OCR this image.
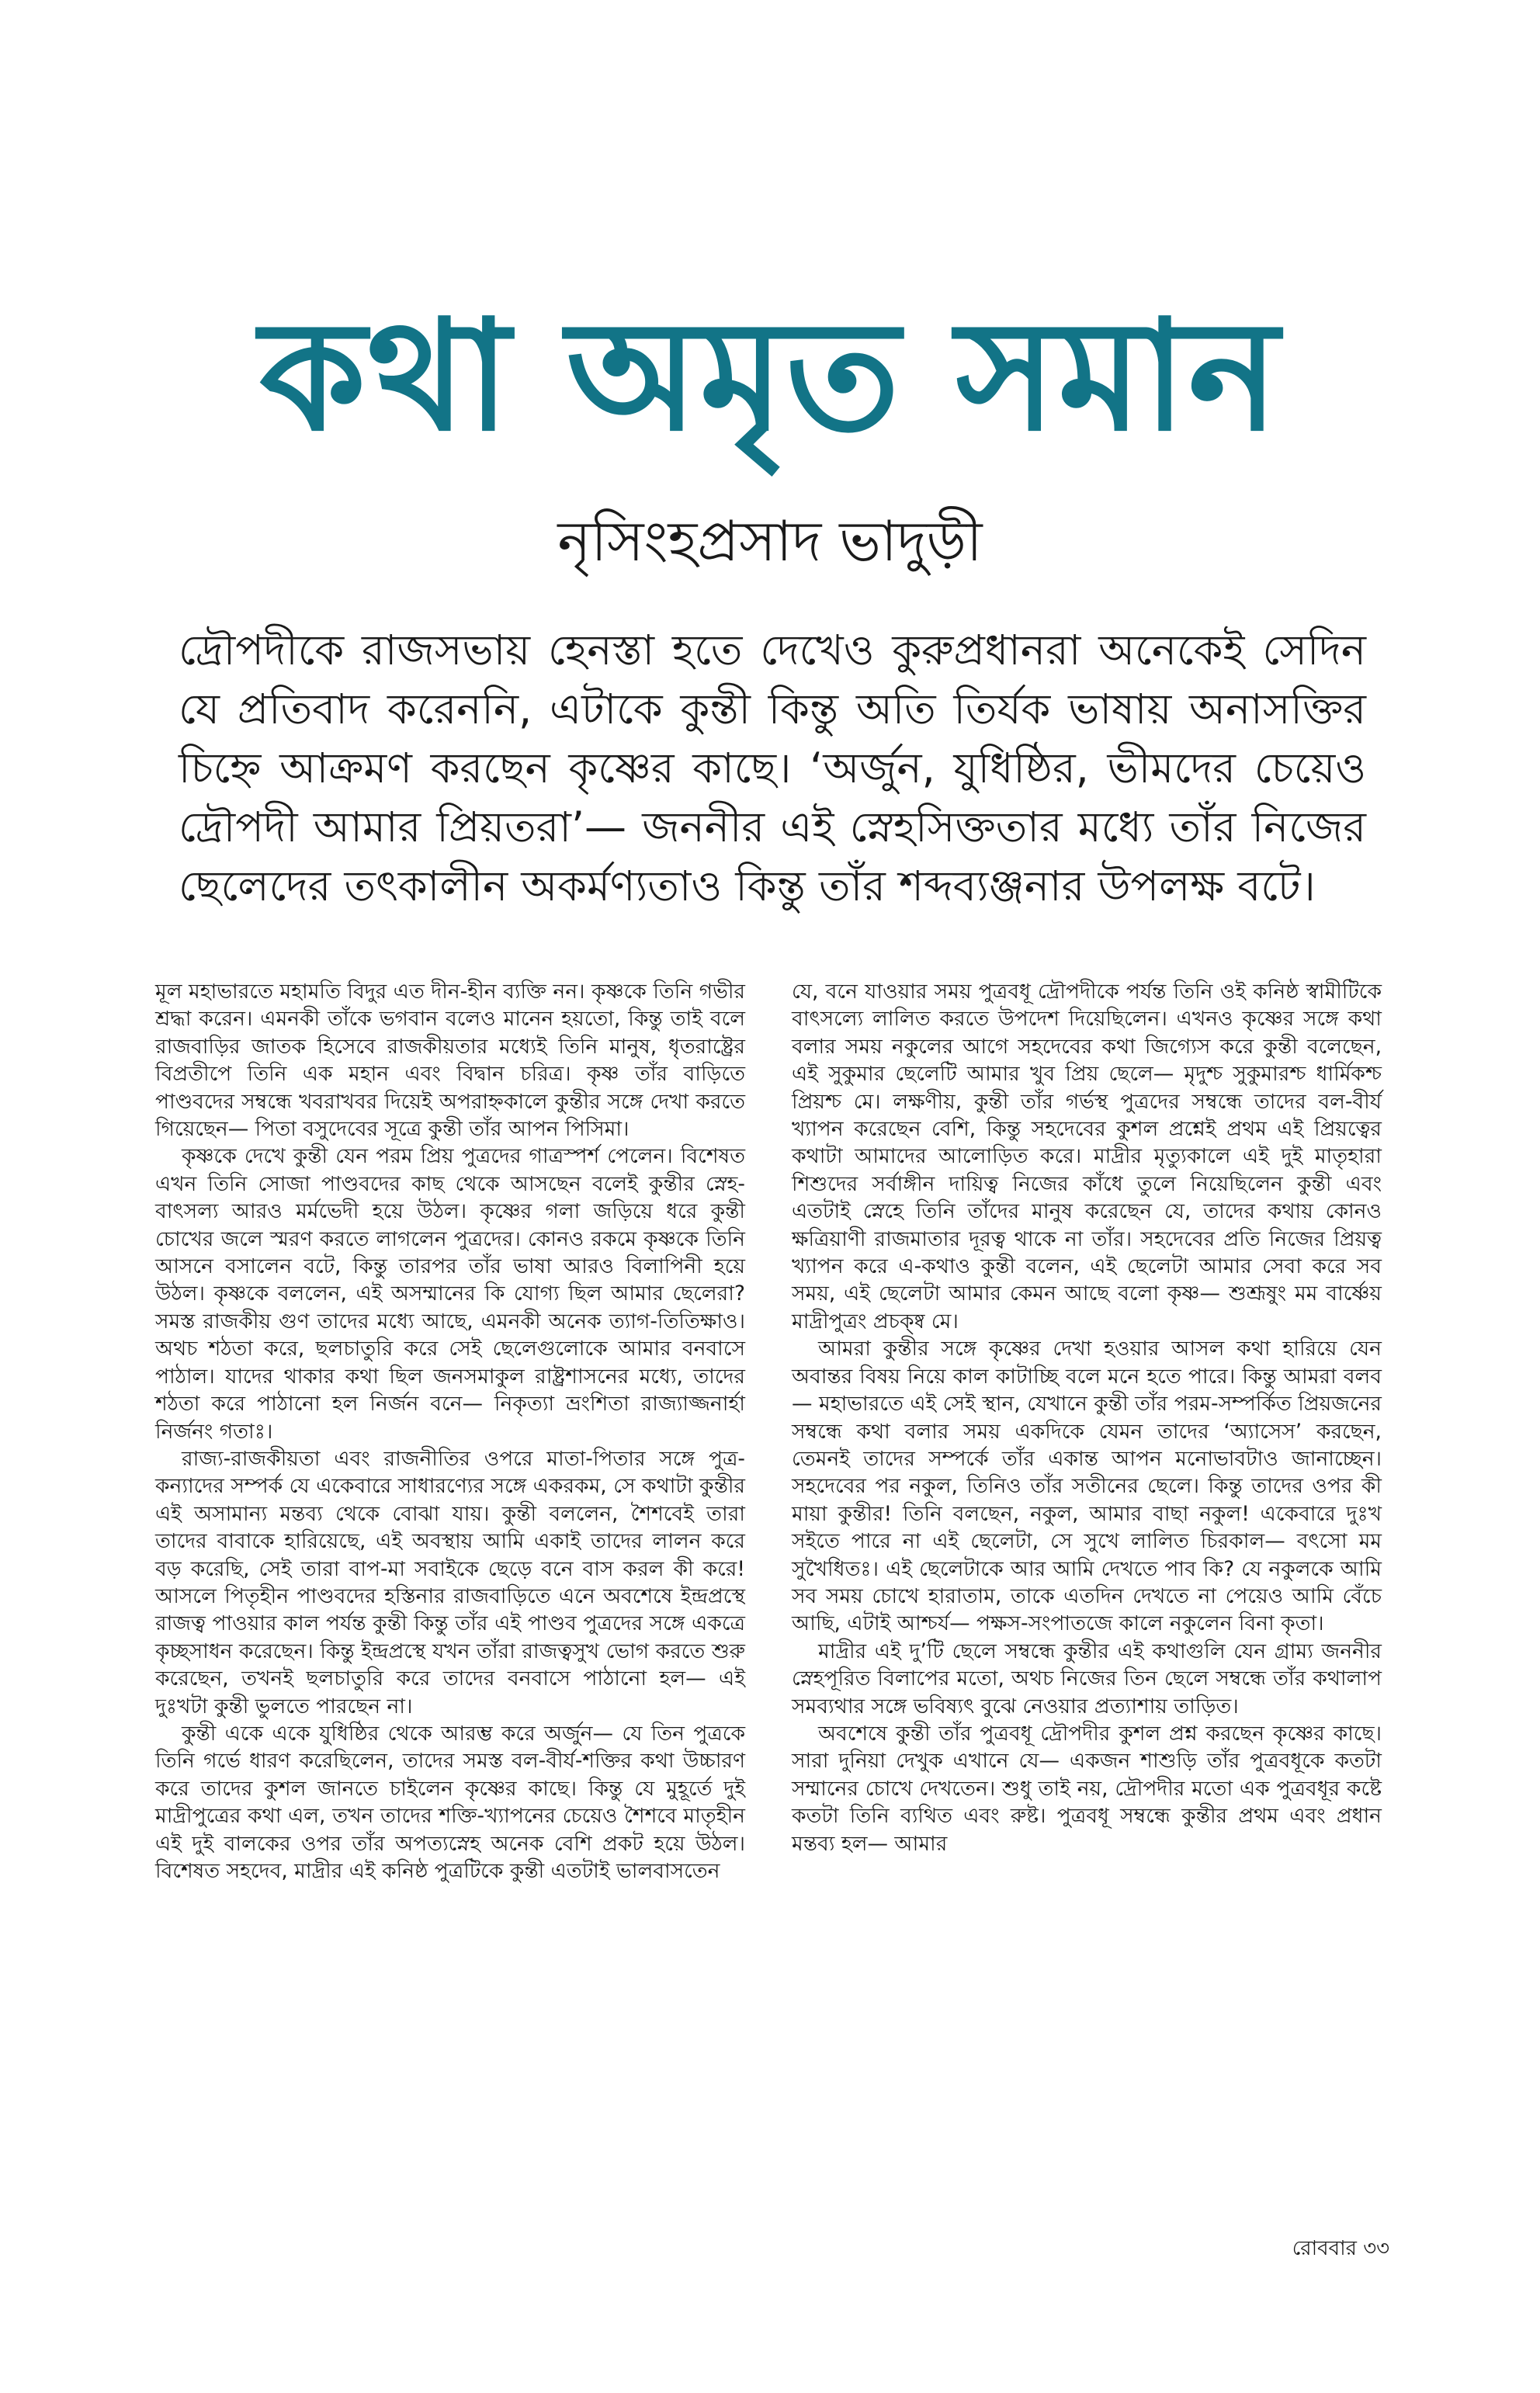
কথা অমৃত সমান
নৃসিংহপ্রসাদ ভাদুড়ী

দ্রৌপদীকে রাজসভায় হেনস্তা হতে দেখেও কুরুপ্রধানরা অনেকেই সেদিন যে প্রতিবাদ করেননি, এটাকে কুন্তী কিন্তু অতি তির্যক ভাষায় অনাসক্তির চিহ্নে আক্রমণ করছেন কৃষ্ণের কাছে। ‘অর্জুন, যুধিষ্ঠির, ভীমদের চেয়েও দ্রৌপদী আমার প্রিয়তরা’— জননীর এই স্নেহসিক্ততার মধ্যে তাঁর নিজের ছেলেদের তৎকালীন অকর্মণ্যতাও কিন্তু তাঁর শব্দব্যঞ্জনার উপলক্ষ বটে।

মূল মহাভারতে মহামতি বিদুর এত দীন-হীন ব্যক্তি নন। কৃষ্ণকে তিনি গভীর শ্রদ্ধা করেন। এমনকী তাঁকে ভগবান বলেও মানেন হয়তো, কিন্তু তাই বলে রাজবাড়ির জাতক হিসেবে রাজকীয়তার মধ্যেই তিনি মানুষ, ধৃতরাষ্ট্রের বিপ্রতীপে তিনি এক মহান এবং বিদ্বান চরিত্র। কৃষ্ণ তাঁর বাড়িতে পাণ্ডবদের সম্বন্ধে খবরাখবর দিয়েই অপরাহ্নকালে কুন্তীর সঙ্গে দেখা করতে গিয়েছেন— পিতা বসুদেবের সূত্রে কুন্তী তাঁর আপন পিসিমা।

কৃষ্ণকে দেখে কুন্তী যেন পরম প্রিয় পুত্রদের গাত্রস্পর্শ পেলেন। বিশেষত এখন তিনি সোজা পাণ্ডবদের কাছ থেকে আসছেন বলেই কুন্তীর স্নেহ-বাৎসল্য আরও মর্মভেদী হয়ে উঠল। কৃষ্ণের গলা জড়িয়ে ধরে কুন্তী চোখের জলে স্মরণ করতে লাগলেন পুত্রদের। কোনও রকমে কৃষ্ণকে তিনি আসনে বসালেন বটে, কিন্তু তারপর তাঁর ভাষা আরও বিলাপিনী হয়ে উঠল। কৃষ্ণকে বললেন, এই অসম্মানের কি যোগ্য ছিল আমার ছেলেরা? সমস্ত রাজকীয় গুণ তাদের মধ্যে আছে, এমনকী অনেক ত্যাগ-তিতিক্ষাও। অথচ শঠতা করে, ছলচাতুরি করে সেই ছেলেগুলোকে আমার বনবাসে পাঠাল। যাদের থাকার কথা ছিল জনসমাকুল রাষ্ট্রশাসনের মধ্যে, তাদের শঠতা করে পাঠানো হল নির্জন বনে— নিকৃত্যা ভ্রংশিতা রাজ্যাজ্জনার্হা নির্জনং গতাঃ।

রাজ্য-রাজকীয়তা এবং রাজনীতির ওপরে মাতা-পিতার সঙ্গে পুত্র-কন্যাদের সম্পর্ক যে একেবারে সাধারণ্যের সঙ্গে একরকম, সে কথাটা কুন্তীর এই অসামান্য মন্তব্য থেকে বোঝা যায়। কুন্তী বললেন, শৈশবেই তারা তাদের বাবাকে হারিয়েছে, এই অবস্থায় আমি একাই তাদের লালন করে বড় করেছি, সেই তারা বাপ-মা সবাইকে ছেড়ে বনে বাস করল কী করে! আসলে পিতৃহীন পাণ্ডবদের হস্তিনার রাজবাড়িতে এনে অবশেষে ইন্দ্রপ্রস্থে রাজত্ব পাওয়ার কাল পর্যন্ত কুন্তী কিন্তু তাঁর এই পাণ্ডব পুত্রদের সঙ্গে একত্রে কৃচ্ছসাধন করেছেন। কিন্তু ইন্দ্রপ্রস্থে যখন তাঁরা রাজত্বসুখ ভোগ করতে শুরু করেছেন, তখনই ছলচাতুরি করে তাদের বনবাসে পাঠানো হল— এই দুঃখটা কুন্তী ভুলতে পারছেন না।

কুন্তী একে একে যুধিষ্ঠির থেকে আরম্ভ করে অর্জুন— যে তিন পুত্রকে তিনি গর্ভে ধারণ করেছিলেন, তাদের সমস্ত বল-বীর্য-শক্তির কথা উচ্চারণ করে তাদের কুশল জানতে চাইলেন কৃষ্ণের কাছে। কিন্তু যে মুহূর্তে দুই মাদ্রীপুত্রের কথা এল, তখন তাদের শক্তি-খ্যাপনের চেয়েও শৈশবে মাতৃহীন এই দুই বালকের ওপর তাঁর অপত্যস্নেহ অনেক বেশি প্রকট হয়ে উঠল। বিশেষত সহদেব, মাদ্রীর এই কনিষ্ঠ পুত্রটিকে কুন্তী এতটাই ভালবাসতেন

যে, বনে যাওয়ার সময় পুত্রবধূ দ্রৌপদীকে পর্যন্ত তিনি ওই কনিষ্ঠ স্বামীটিকে বাৎসল্যে লালিত করতে উপদেশ দিয়েছিলেন। এখনও কৃষ্ণের সঙ্গে কথা বলার সময় নকুলের আগে সহদেবের কথা জিগ্যেস করে কুন্তী বলেছেন, এই সুকুমার ছেলেটি আমার খুব প্রিয় ছেলে— মৃদুশ্চ সুকুমারশ্চ ধার্মিকশ্চ প্রিয়শ্চ মে। লক্ষণীয়, কুন্তী তাঁর গর্ভস্থ পুত্রদের সম্বন্ধে তাদের বল-বীর্য খ্যাপন করেছেন বেশি, কিন্তু সহদেবের কুশল প্রশ্নেই প্রথম এই প্রিয়ত্বের কথাটা আমাদের আলোড়িত করে। মাদ্রীর মৃত্যুকালে এই দুই মাতৃহারা শিশুদের সর্বাঙ্গীন দায়িত্ব নিজের কাঁধে তুলে নিয়েছিলেন কুন্তী এবং এতটাই স্নেহে তিনি তাঁদের মানুষ করেছেন যে, তাদের কথায় কোনও ক্ষত্রিয়াণী রাজমাতার দূরত্ব থাকে না তাঁর। সহদেবের প্রতি নিজের প্রিয়ত্ব খ্যাপন করে এ-কথাও কুন্তী বলেন, এই ছেলেটা আমার সেবা করে সব সময়, এই ছেলেটা আমার কেমন আছে বলো কৃষ্ণ— শুশ্রূষুং মম বার্ষ্ণেয় মাদ্রীপুত্রং প্রচক্ষ্ব মে।

আমরা কুন্তীর সঙ্গে কৃষ্ণের দেখা হওয়ার আসল কথা হারিয়ে যেন অবান্তর বিষয় নিয়ে কাল কাটাচ্ছি বলে মনে হতে পারে। কিন্তু আমরা বলব— মহাভারতে এই সেই স্থান, যেখানে কুন্তী তাঁর পরম-সম্পর্কিত প্রিয়জনের সম্বন্ধে কথা বলার সময় একদিকে যেমন তাদের ‘অ্যাসেস’ করছেন, তেমনই তাদের সম্পর্কে তাঁর একান্ত আপন মনোভাবটাও জানাচ্ছেন। সহদেবের পর নকুল, তিনিও তাঁর সতীনের ছেলে। কিন্তু তাদের ওপর কী মায়া কুন্তীর! তিনি বলছেন, নকুল, আমার বাছা নকুল! একেবারে দুঃখ সইতে পারে না এই ছেলেটা, সে সুখে লালিত চিরকাল— বৎসো মম সুখৈধিতঃ। এই ছেলেটাকে আর আমি দেখতে পাব কি? যে নকুলকে আমি সব সময় চোখে হারাতাম, তাকে এতদিন দেখতে না পেয়েও আমি বেঁচে আছি, এটাই আশ্চর্য— পক্ষস-সংপাতজে কালে নকুলেন বিনা কৃতা।

মাদ্রীর এই দু’টি ছেলে সম্বন্ধে কুন্তীর এই কথাগুলি যেন গ্রাম্য জননীর স্নেহপূরিত বিলাপের মতো, অথচ নিজের তিন ছেলে সম্বন্ধে তাঁর কথালাপ সমব্যথার সঙ্গে ভবিষ্যৎ বুঝে নেওয়ার প্রত্যাশায় তাড়িত।

অবশেষে কুন্তী তাঁর পুত্রবধূ দ্রৌপদীর কুশল প্রশ্ন করছেন কৃষ্ণের কাছে। সারা দুনিয়া দেখুক এখানে যে— একজন শাশুড়ি তাঁর পুত্রবধূকে কতটা সম্মানের চোখে দেখতেন। শুধু তাই নয়, দ্রৌপদীর মতো এক পুত্রবধূর কষ্টে কতটা তিনি ব্যথিত এবং রুষ্ট। পুত্রবধূ সম্বন্ধে কুন্তীর প্রথম এবং প্রধান মন্তব্য হল— আমার

রোববার ৩৩
